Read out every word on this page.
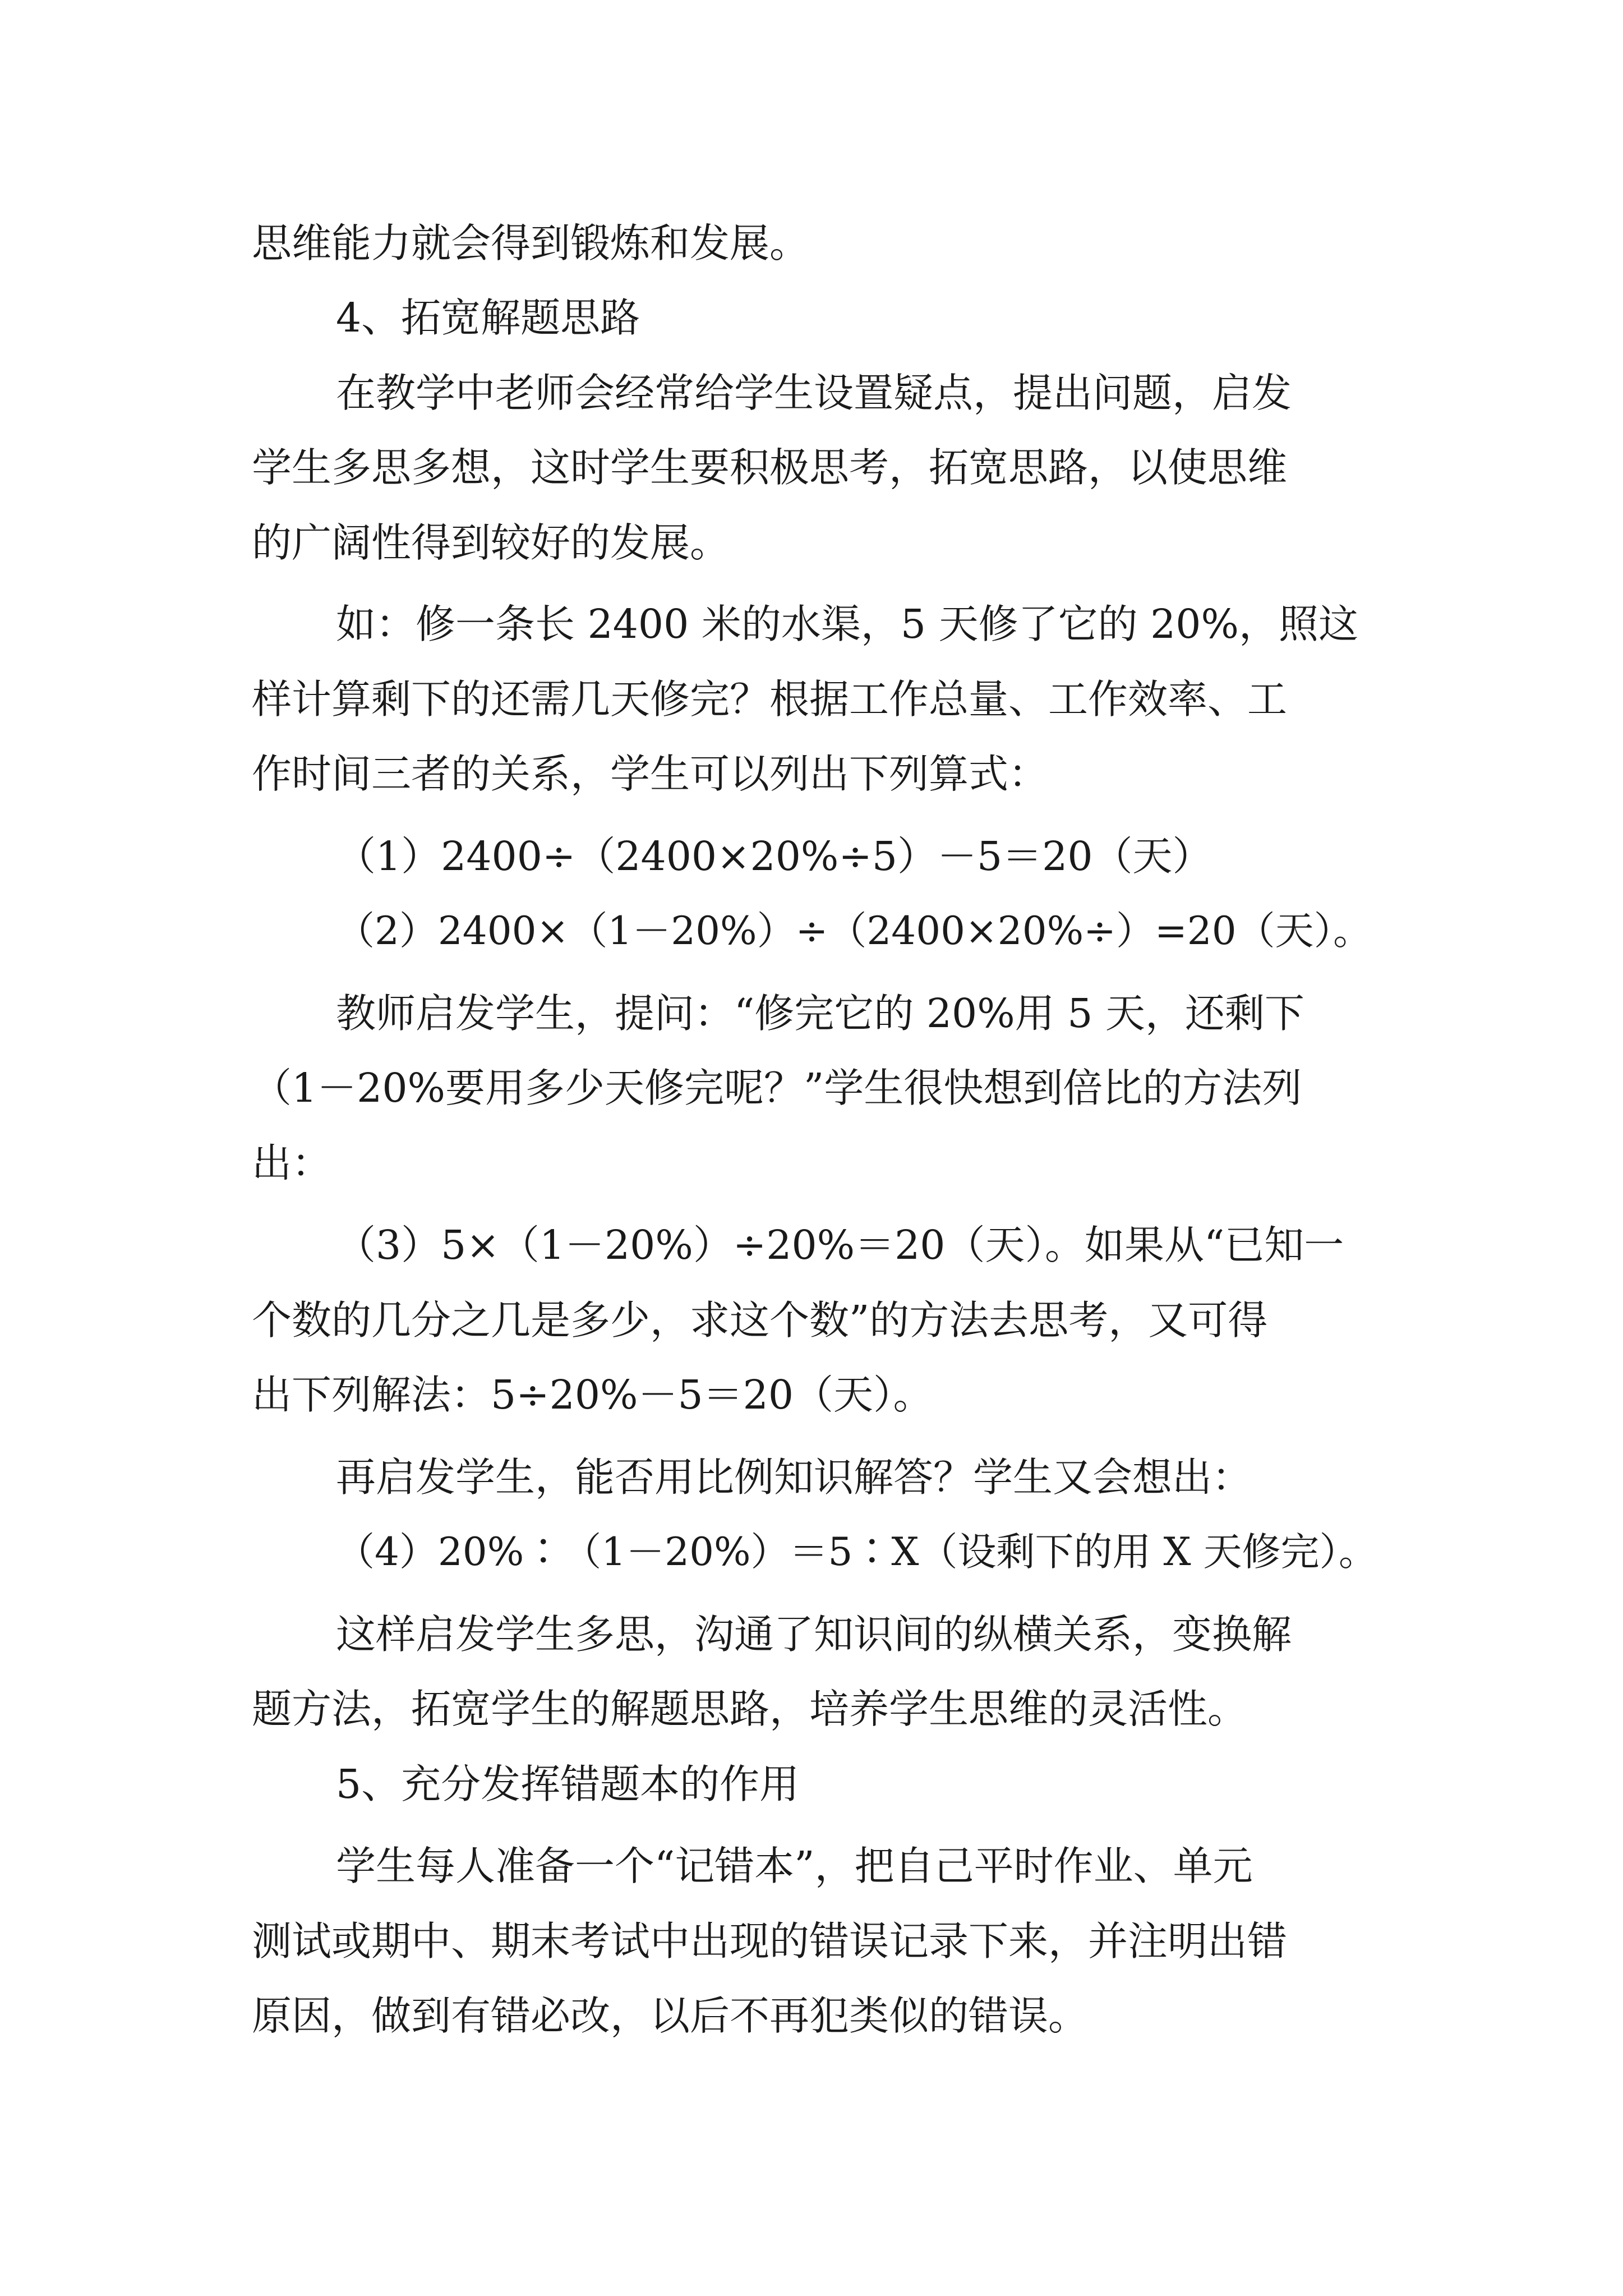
思维能力就会得到锻炼和发展。
4、拓宽解题思路
在教学中老师会经常给学生设置疑点，提出问题，启发
学生多思多想，这时学生要积极思考，拓宽思路，以使思维
的广阔性得到较好的发展。
如：修一条长 2400 米的水渠，5 天修了它的 20%，照这
样计算剩下的还需几天修完？根据工作总量、工作效率、工
作时间三者的关系，学生可以列出下列算式：
（1）2400÷（2400×20%÷5）－5＝20（天）
（2）2400×（1－20%）÷（2400×20%÷）=20（天）。
教师启发学生，提问：“修完它的 20%用 5 天，还剩下
（1－20%要用多少天修完呢？”学生很快想到倍比的方法列
出：
（3）5×（1－20%）÷20%＝20（天）。如果从“已知一
个数的几分之几是多少，求这个数”的方法去思考，又可得
出下列解法：5÷20%－5＝20（天）。
再启发学生，能否用比例知识解答？学生又会想出：
（4）20%∶（1－20%）＝5∶X（设剩下的用 X 天修完）。
这样启发学生多思，沟通了知识间的纵横关系，变换解
题方法，拓宽学生的解题思路，培养学生思维的灵活性。
5、充分发挥错题本的作用
学生每人准备一个“记错本”，把自己平时作业、单元
测试或期中、期末考试中出现的错误记录下来，并注明出错
原因，做到有错必改，以后不再犯类似的错误。
